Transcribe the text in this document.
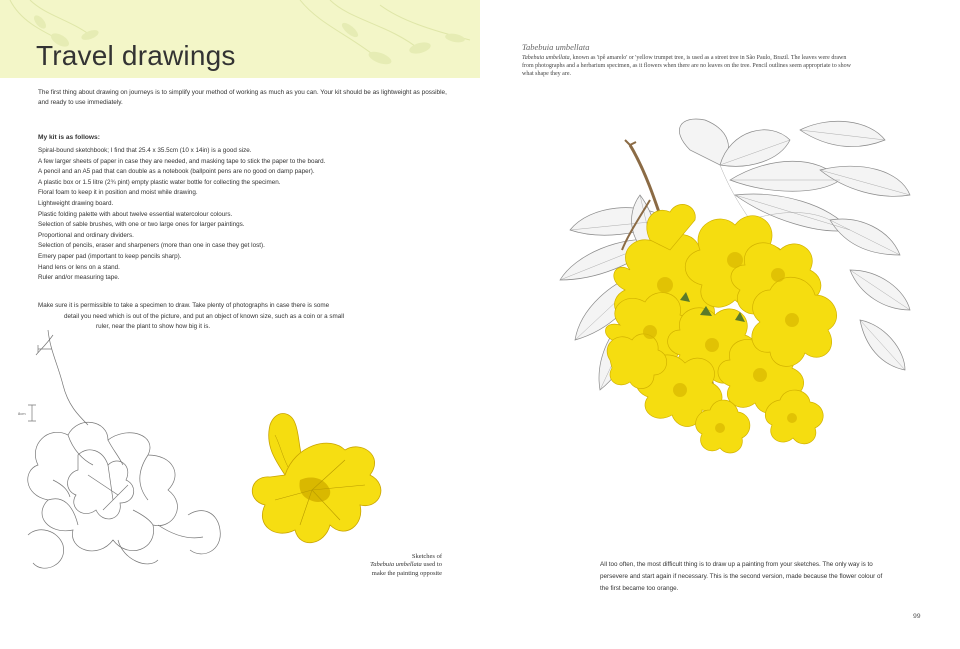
Travel drawings

The first thing about drawing on journeys is to simplify your method of working as much as you can. Your kit should be as lightweight as possible, and ready to use immediately.

My kit is as follows:

Spiral-bound sketchbook; I find that 25.4 x 35.5cm (10 x 14in) is a good size.
A few larger sheets of paper in case they are needed, and masking tape to stick the paper to the board.
A pencil and an A5 pad that can double as a notebook (ballpoint pens are no good on damp paper).
A plastic box or 1.5 litre (2¾ pint) empty plastic water bottle for collecting the specimen.
Floral foam to keep it in position and moist while drawing.
Lightweight drawing board.
Plastic folding palette with about twelve essential watercolour colours.
Selection of sable brushes, with one or two large ones for larger paintings.
Proportional and ordinary dividers.
Selection of pencils, eraser and sharpeners (more than one in case they get lost).
Emery paper pad (important to keep pencils sharp).
Hand lens or lens on a stand.
Ruler and/or measuring tape.

Make sure it is permissible to take a specimen to draw. Take plenty of photographs in case there is some
detail you need which is out of the picture, and put an object of known size, such as a coin or a small
ruler, near the plant to show how big it is.

8cm
Sketches of
Tabebuia umbellata used to
make the painting opposite

Tabebuia umbellata

Tabebuia umbellata, known as 'ipê amarelo' or 'yellow trumpet tree, is used as a street tree in São Paulo, Brazil. The leaves were drawn from photographs and a herbarium specimen, as it flowers when there are no leaves on the tree. Pencil outlines seem appropriate to show what shape they are.

All too often, the most difficult thing is to draw up a painting from your sketches. The only way is to
persevere and start again if necessary. This is the second version, made because the flower colour of
the first became too orange.

99
